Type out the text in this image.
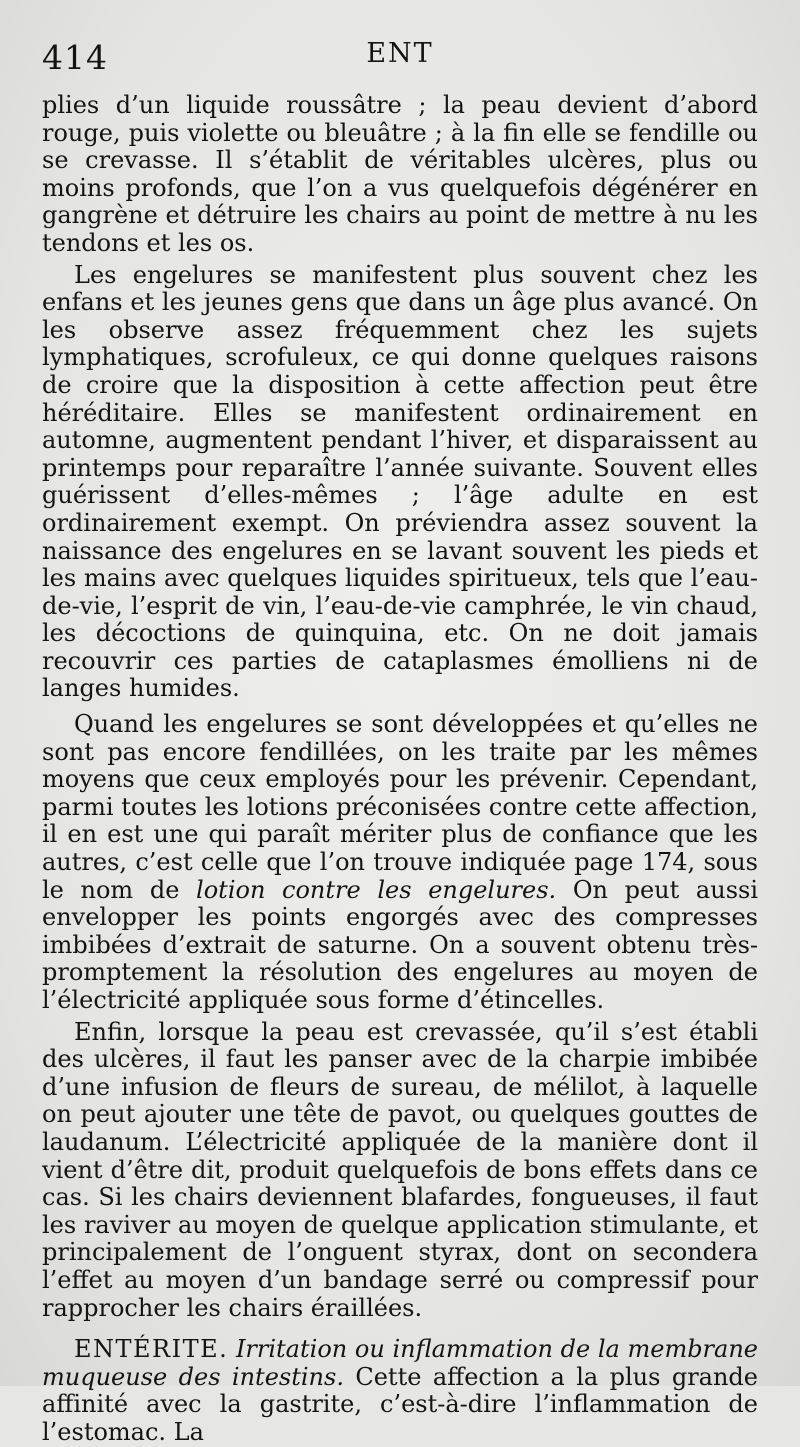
414	ENT

plies d’un liquide roussâtre ; la peau devient d’abord rouge, puis violette ou bleuâtre ; à la fin elle se fendille ou se crevasse. Il s’établit de véritables ulcères, plus ou moins profonds, que l’on a vus quelquefois dégénérer en gangrène et détruire les chairs au point de mettre à nu les tendons et les os.

Les engelures se manifestent plus souvent chez les enfans et les jeunes gens que dans un âge plus avancé. On les observe assez fréquemment chez les sujets lymphatiques, scrofuleux, ce qui donne quelques raisons de croire que la disposition à cette affection peut être héréditaire. Elles se manifestent ordinairement en automne, augmentent pendant l’hiver, et disparaissent au printemps pour reparaître l’année suivante. Souvent elles guérissent d’elles-mêmes ; l’âge adulte en est ordinairement exempt. On préviendra assez souvent la naissance des engelures en se lavant souvent les pieds et les mains avec quelques liquides spiritueux, tels que l’eau-de-vie, l’esprit de vin, l’eau-de-vie camphrée, le vin chaud, les décoctions de quinquina, etc. On ne doit jamais recouvrir ces parties de cataplasmes émolliens ni de langes humides.

Quand les engelures se sont développées et qu’elles ne sont pas encore fendillées, on les traite par les mêmes moyens que ceux employés pour les prévenir. Cependant, parmi toutes les lotions préconisées contre cette affection, il en est une qui paraît mériter plus de confiance que les autres, c’est celle que l’on trouve indiquée page 174, sous le nom de lotion contre les engelures. On peut aussi envelopper les points engorgés avec des compresses imbibées d’extrait de saturne. On a souvent obtenu très-promptement la résolution des engelures au moyen de l’électricité appliquée sous forme d’étincelles.

Enfin, lorsque la peau est crevassée, qu’il s’est établi des ulcères, il faut les panser avec de la charpie imbibée d’une infusion de fleurs de sureau, de mélilot, à laquelle on peut ajouter une tête de pavot, ou quelques gouttes de laudanum. L’électricité appliquée de la manière dont il vient d’être dit, produit quelquefois de bons effets dans ce cas. Si les chairs deviennent blafardes, fongueuses, il faut les raviver au moyen de quelque application stimulante, et principalement de l’onguent styrax, dont on secondera l’effet au moyen d’un bandage serré ou compressif pour rapprocher les chairs éraillées.

ENTÉRITE. Irritation ou inflammation de la membrane muqueuse des intestins. Cette affection a la plus grande affinité avec la gastrite, c’est-à-dire l’inflammation de l’estomac. La
